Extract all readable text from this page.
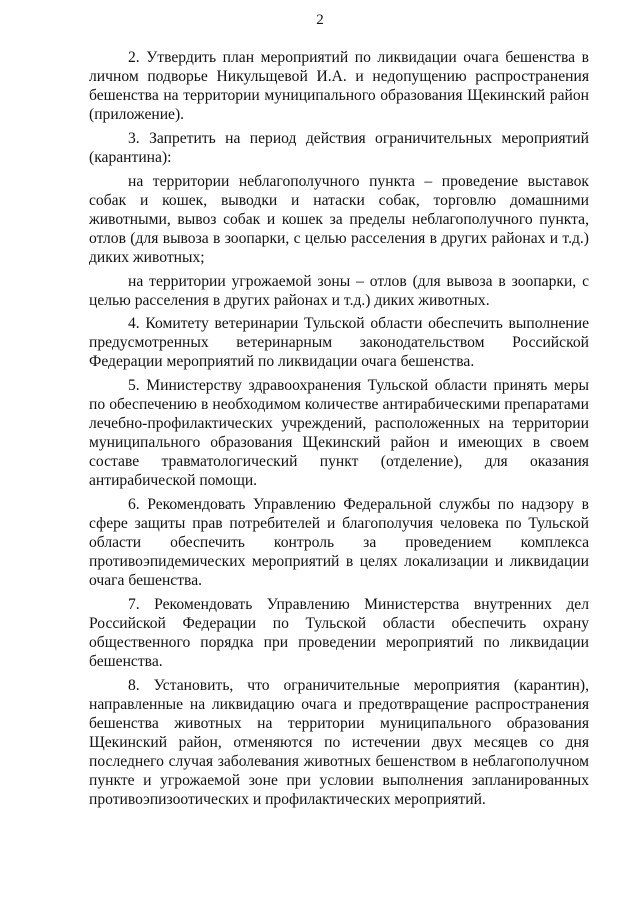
2

2. Утвердить план мероприятий по ликвидации очага бешенства в личном подворье Никульщевой И.А. и недопущению распространения бешенства на территории муниципального образования Щекинский район (приложение).

3. Запретить на период действия ограничительных мероприятий (карантина):

на территории неблагополучного пункта – проведение выставок собак и кошек, выводки и натаски собак, торговлю домашними животными, вывоз собак и кошек за пределы неблагополучного пункта, отлов (для вывоза в зоопарки, с целью расселения в других районах и т.д.) диких животных;

на территории угрожаемой зоны – отлов (для вывоза в зоопарки, с целью расселения в других районах и т.д.) диких животных.

4. Комитету ветеринарии Тульской области обеспечить выполнение предусмотренных ветеринарным законодательством Российской Федерации мероприятий по ликвидации очага бешенства.

5. Министерству здравоохранения Тульской области принять меры по обеспечению в необходимом количестве антирабическими препаратами лечебно-профилактических учреждений, расположенных на территории муниципального образования Щекинский район и имеющих в своем составе травматологический пункт (отделение), для оказания антирабической помощи.

6. Рекомендовать Управлению Федеральной службы по надзору в сфере защиты прав потребителей и благополучия человека по Тульской области обеспечить контроль за проведением комплекса противоэпидемических мероприятий в целях локализации и ликвидации очага бешенства.

7. Рекомендовать Управлению Министерства внутренних дел Российской Федерации по Тульской области обеспечить охрану общественного порядка при проведении мероприятий по ликвидации бешенства.

8. Установить, что ограничительные мероприятия (карантин), направленные на ликвидацию очага и предотвращение распространения бешенства животных на территории муниципального образования Щекинский район, отменяются по истечении двух месяцев со дня последнего случая заболевания животных бешенством в неблагополучном пункте и угрожаемой зоне при условии выполнения запланированных противоэпизоотических и профилактических мероприятий.
